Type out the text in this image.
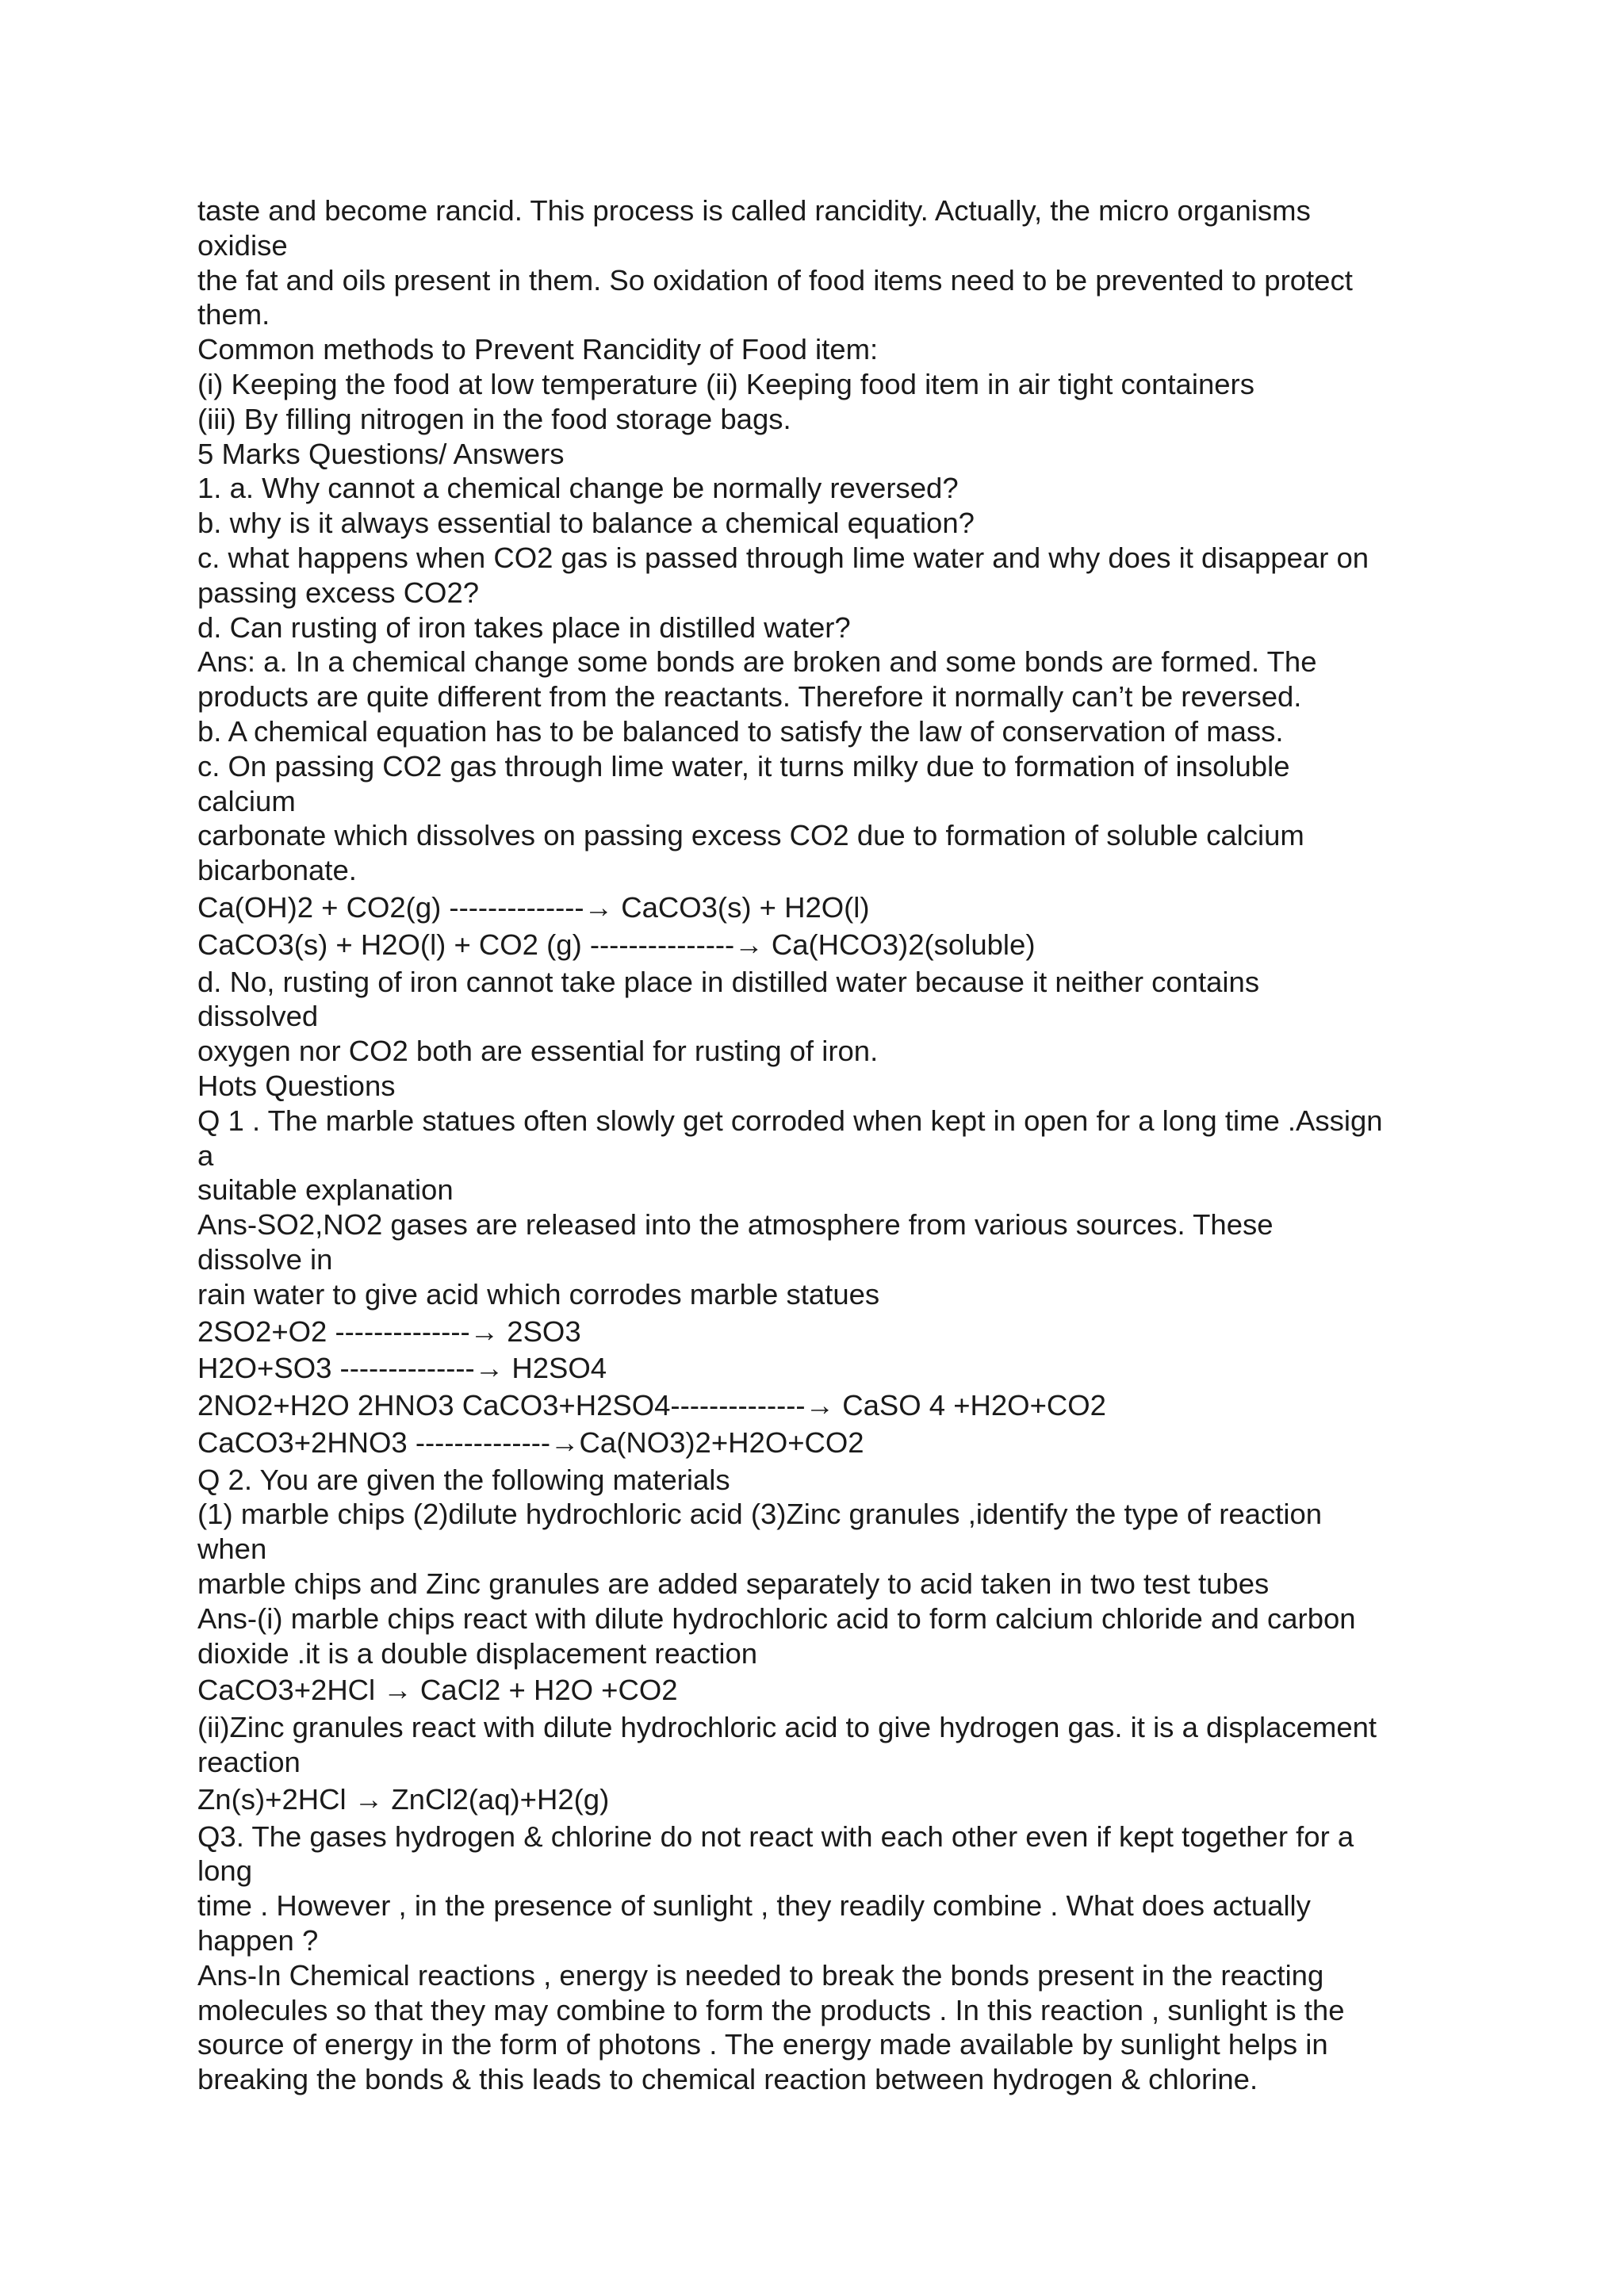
taste and become rancid. This process is called rancidity. Actually, the micro organisms
oxidise
the fat and oils present in them. So oxidation of food items need to be prevented to protect
them.
Common methods to Prevent Rancidity of Food item:
(i) Keeping the food at low temperature (ii) Keeping food item in air tight containers
(iii) By filling nitrogen in the food storage bags.
5 Marks Questions/ Answers
1. a. Why cannot a chemical change be normally reversed?
b. why is it always essential to balance a chemical equation?
c. what happens when CO2 gas is passed through lime water and why does it disappear on
passing excess CO2?
d. Can rusting of iron takes place in distilled water?
Ans: a. In a chemical change some bonds are broken and some bonds are formed. The
products are quite different from the reactants. Therefore it normally can’t be reversed.
b. A chemical equation has to be balanced to satisfy the law of conservation of mass.
c. On passing CO2 gas through lime water, it turns milky due to formation of insoluble
calcium
carbonate which dissolves on passing excess CO2 due to formation of soluble calcium
bicarbonate.
Ca(OH)2 + CO2(g) --------------→ CaCO3(s) + H2O(l)
CaCO3(s) + H2O(l) + CO2 (g) ---------------→ Ca(HCO3)2(soluble)
d. No, rusting of iron cannot take place in distilled water because it neither contains
dissolved
oxygen nor CO2 both are essential for rusting of iron.
Hots Questions
Q 1 . The marble statues often slowly get corroded when kept in open for a long time .Assign
a
suitable explanation
Ans-SO2,NO2 gases are released into the atmosphere from various sources. These
dissolve in
rain water to give acid which corrodes marble statues
2SO2+O2 --------------→ 2SO3
H2O+SO3 --------------→ H2SO4
2NO2+H2O 2HNO3 CaCO3+H2SO4--------------→ CaSO 4 +H2O+CO2
CaCO3+2HNO3 --------------→Ca(NO3)2+H2O+CO2
Q 2. You are given the following materials
(1) marble chips (2)dilute hydrochloric acid (3)Zinc granules ,identify the type of reaction
when
marble chips and Zinc granules are added separately to acid taken in two test tubes
Ans-(i) marble chips react with dilute hydrochloric acid to form calcium chloride and carbon
dioxide .it is a double displacement reaction
CaCO3+2HCl → CaCl2 + H2O +CO2
(ii)Zinc granules react with dilute hydrochloric acid to give hydrogen gas. it is a displacement
reaction
Zn(s)+2HCl → ZnCl2(aq)+H2(g)
Q3. The gases hydrogen & chlorine do not react with each other even if kept together for a
long
time . However , in the presence of sunlight , they readily combine . What does actually
happen ?
Ans-In Chemical reactions , energy is needed to break the bonds present in the reacting
molecules so that they may combine to form the products . In this reaction , sunlight is the
source of energy in the form of photons . The energy made available by sunlight helps in
breaking the bonds & this leads to chemical reaction between hydrogen & chlorine.
